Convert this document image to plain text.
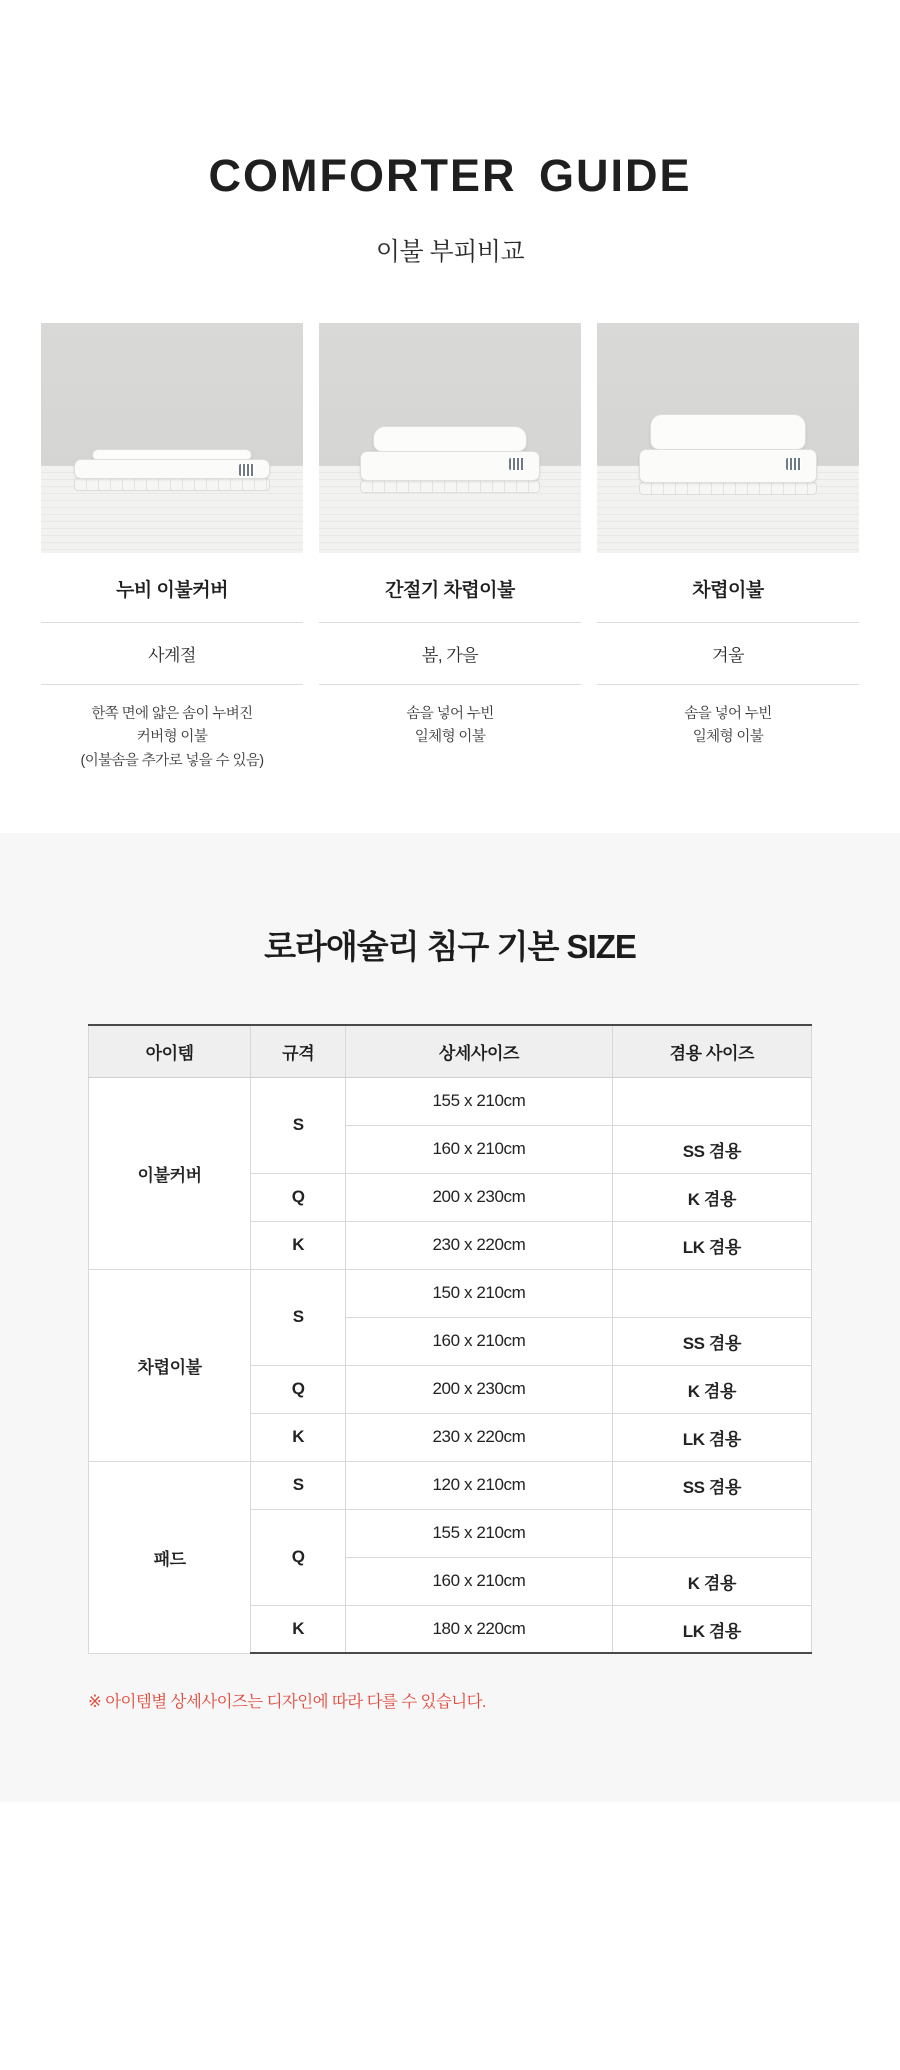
COMFORTER GUIDE
이불 부피비교
누비 이불커버
사계절
한쪽 면에 얇은 솜이 누벼진
커버형 이불
(이불솜을 추가로 넣을 수 있음)
간절기 차렵이불
봄, 가을
솜을 넣어 누빈
일체형 이불
차렵이불
겨울
솜을 넣어 누빈
일체형 이불
로라애슐리 침구 기본 SIZE
아이템	규격	상세사이즈	겸용 사이즈
이불커버	S	155 x 210cm	
		160 x 210cm	SS 겸용
	Q	200 x 230cm	K 겸용
	K	230 x 220cm	LK 겸용
차렵이불	S	150 x 210cm	
		160 x 210cm	SS 겸용
	Q	200 x 230cm	K 겸용
	K	230 x 220cm	LK 겸용
패드	S	120 x 210cm	SS 겸용
	Q	155 x 210cm	
		160 x 210cm	K 겸용
	K	180 x 220cm	LK 겸용
※ 아이템별 상세사이즈는 디자인에 따라 다를 수 있습니다.
